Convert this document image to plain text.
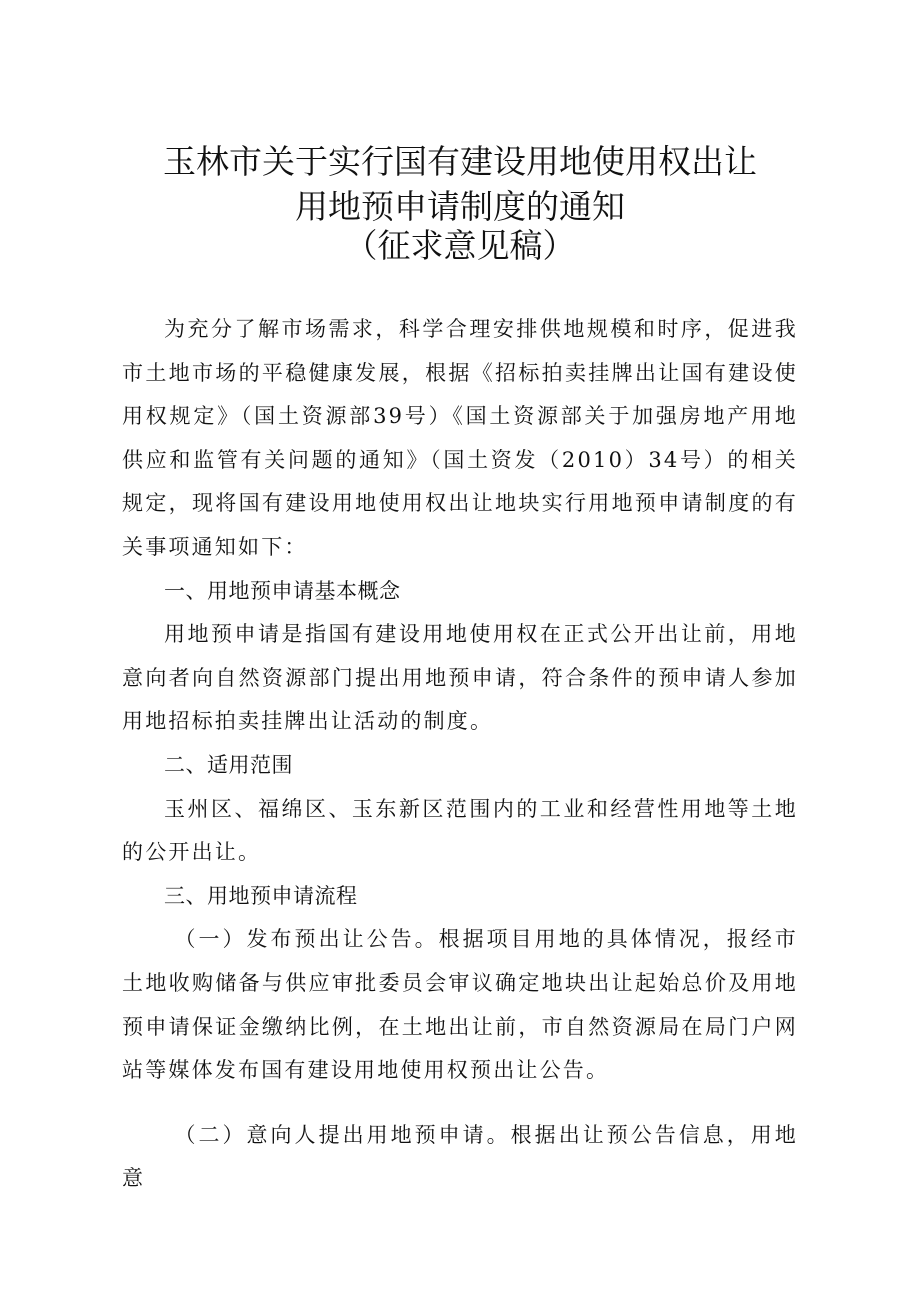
玉林市关于实行国有建设用地使用权出让
用地预申请制度的通知
（征求意见稿）

为充分了解市场需求，科学合理安排供地规模和时序，促进我市土地市场的平稳健康发展，根据《招标拍卖挂牌出让国有建设使用权规定》（国土资源部39号）《国土资源部关于加强房地产用地供应和监管有关问题的通知》（国土资发（2010）34号）的相关规定，现将国有建设用地使用权出让地块实行用地预申请制度的有关事项通知如下：

一、用地预申请基本概念

用地预申请是指国有建设用地使用权在正式公开出让前，用地意向者向自然资源部门提出用地预申请，符合条件的预申请人参加用地招标拍卖挂牌出让活动的制度。

二、适用范围

玉州区、福绵区、玉东新区范围内的工业和经营性用地等土地的公开出让。

三、用地预申请流程

（一）发布预出让公告。根据项目用地的具体情况，报经市土地收购储备与供应审批委员会审议确定地块出让起始总价及用地预申请保证金缴纳比例，在土地出让前，市自然资源局在局门户网站等媒体发布国有建设用地使用权预出让公告。

（二）意向人提出用地预申请。根据出让预公告信息，用地意
